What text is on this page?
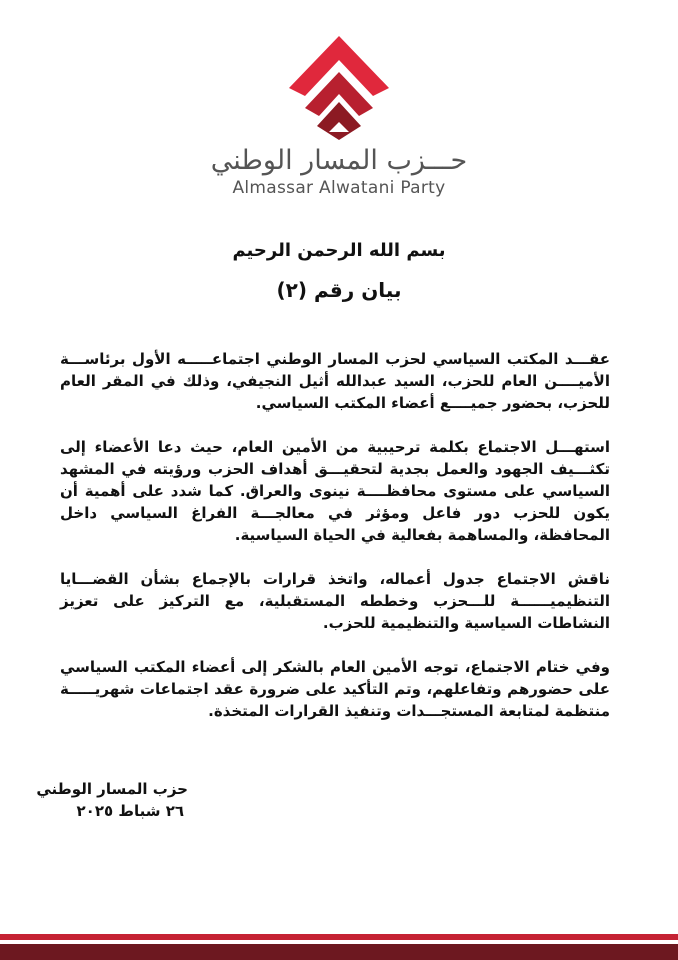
حـــزب المسار الوطني
Almassar Alwatani Party
بسم الله الرحمن الرحيم
بيان رقم (٢)

عقـــد المكتب السياسي لحزب المسار الوطني اجتماعـــــه الأول برئاســـة الأميــــن العام للحزب، السيد عبدالله أثيل النجيفي، وذلك في المقر العام للحزب، بحضور جميــــع أعضاء المكتب السياسي.

استهـــل الاجتماع بكلمة ترحيبية من الأمين العام، حيث دعا الأعضاء إلى تكثـــيف الجهود والعمل بجدية لتحقيـــق أهداف الحزب ورؤيته في المشهد السياسي على مستوى محافظــــة نينوى والعراق. كما شدد على أهمية أن يكون للحزب دور فاعل ومؤثر في معالجـــة الفراغ السياسي داخل المحافظة، والمساهمة بفعالية في الحياة السياسية.

ناقش الاجتماع جدول أعماله، واتخذ قرارات بالإجماع بشأن القضـــايا التنظيميــــــة للـــحزب وخططه المستقبلية، مع التركيز على تعزيز النشاطات السياسية والتنظيمية للحزب.

وفي ختام الاجتماع، توجه الأمين العام بالشكر إلى أعضاء المكتب السياسي على حضورهم وتفاعلهم، وتم التأكيد على ضرورة عقد اجتماعات شهريـــــة منتظمة لمتابعة المستجـــدات وتنفيذ القرارات المتخذة.

حزب المسار الوطني
٢٦ شباط ٢٠٢٥
